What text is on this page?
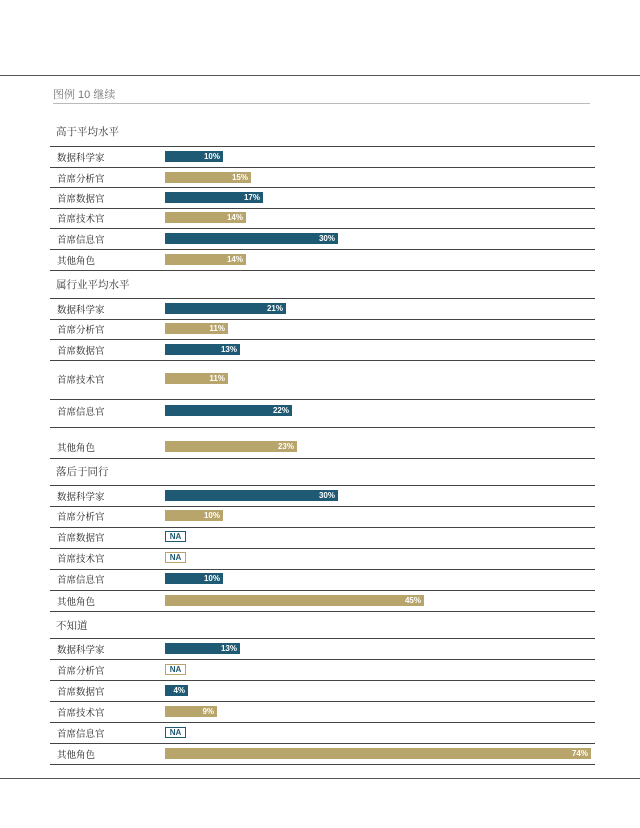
图例 10 继续
高于平均水平
数据科学家	10%
首席分析官	15%
首席数据官	17%
首席技术官	14%
首席信息官	30%
其他角色	14%
属行业平均水平
数据科学家	21%
首席分析官	11%
首席数据官	13%
首席技术官	11%
首席信息官	22%
其他角色	23%
落后于同行
数据科学家	30%
首席分析官	10%
首席数据官	NA
首席技术官	NA
首席信息官	10%
其他角色	45%
不知道
数据科学家	13%
首席分析官	NA
首席数据官	4%
首席技术官	9%
首席信息官	NA
其他角色	74%
